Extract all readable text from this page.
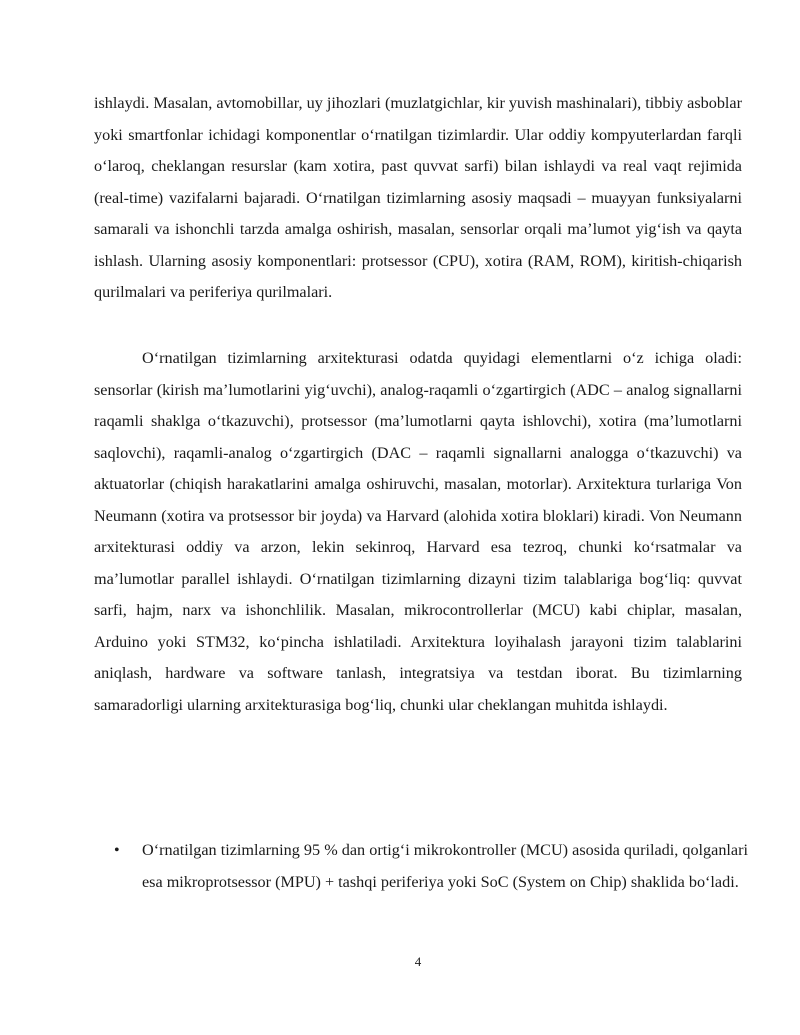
ishlaydi. Masalan, avtomobillar, uy jihozlari (muzlatgichlar, kir yuvish mashinalari), tibbiy asboblar yoki smartfonlar ichidagi komponentlar o‘rnatilgan tizimlardir. Ular oddiy kompyuterlardan farqli o‘laroq, cheklangan resurslar (kam xotira, past quvvat sarfi) bilan ishlaydi va real vaqt rejimida (real-time) vazifalarni bajaradi. O‘rnatilgan tizimlarning asosiy maqsadi – muayyan funksiyalarni samarali va ishonchli tarzda amalga oshirish, masalan, sensorlar orqali ma’lumot yig‘ish va qayta ishlash. Ularning asosiy komponentlari: protsessor (CPU), xotira (RAM, ROM), kiritish-chiqarish qurilmalari va periferiya qurilmalari.

O‘rnatilgan tizimlarning arxitekturasi odatda quyidagi elementlarni o‘z ichiga oladi: sensorlar (kirish ma’lumotlarini yig‘uvchi), analog-raqamli o‘zgartirgich (ADC – analog signallarni raqamli shaklga o‘tkazuvchi), protsessor (ma’lumotlarni qayta ishlovchi), xotira (ma’lumotlarni saqlovchi), raqamli-analog o‘zgartirgich (DAC – raqamli signallarni analogga o‘tkazuvchi) va aktuatorlar (chiqish harakatlarini amalga oshiruvchi, masalan, motorlar). Arxitektura turlariga Von Neumann (xotira va protsessor bir joyda) va Harvard (alohida xotira bloklari) kiradi. Von Neumann arxitekturasi oddiy va arzon, lekin sekinroq, Harvard esa tezroq, chunki ko‘rsatmalar va ma’lumotlar parallel ishlaydi. O‘rnatilgan tizimlarning dizayni tizim talablariga bog‘liq: quvvat sarfi, hajm, narx va ishonchlilik. Masalan, mikrocontrollerlar (MCU) kabi chiplar, masalan, Arduino yoki STM32, ko‘pincha ishlatiladi. Arxitektura loyihalash jarayoni tizim talablarini aniqlash, hardware va software tanlash, integratsiya va testdan iborat. Bu tizimlarning samaradorligi ularning arxitekturasiga bog‘liq, chunki ular cheklangan muhitda ishlaydi.

• O‘rnatilgan tizimlarning 95 % dan ortig‘i mikrokontroller (MCU) asosida quriladi, qolganlari esa mikroprotsessor (MPU) + tashqi periferiya yoki SoC (System on Chip) shaklida bo‘ladi.
4
